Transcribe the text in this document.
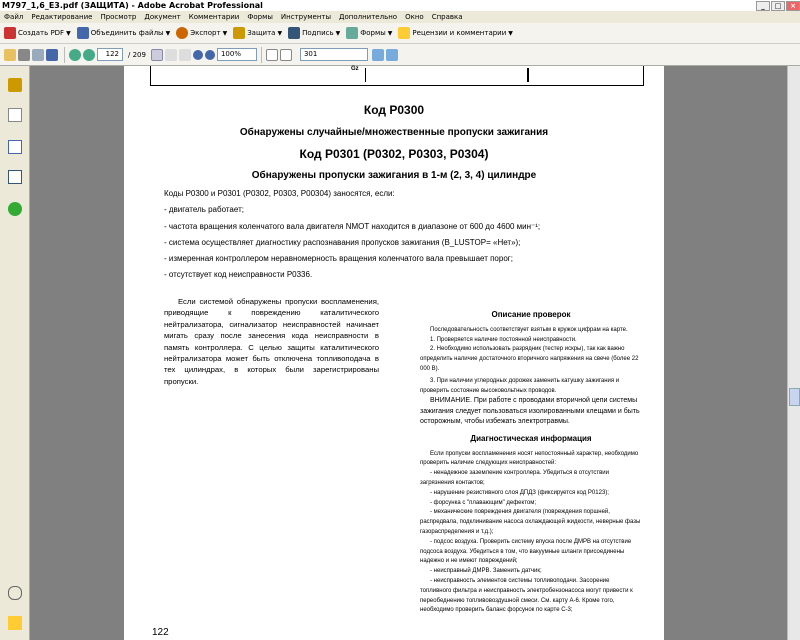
M797_1,6_E3.pdf (ЗАЩИТА) - Adobe Acrobat Professional	_	□	×
Файл	Редактирование	Просмотр	Документ	Комментарии	Формы	Инструменты	Дополнительно	Окно	Справка
Создать PDF ▼	Объединить файлы ▼	Экспорт ▼	Защита ▼	Подпись ▼	Формы ▼	Рецензии и комментарии ▼
122	/ 209	100%	301
Gz
Код P0300
Обнаружены случайные/множественные пропуски зажигания
Код P0301 (P0302, P0303, P0304)
Обнаружены пропуски зажигания в 1-м (2, 3, 4) цилиндре
Коды P0300 и P0301 (P0302, P0303, P00304) заносятся, если:
- двигатель работает;
- частота вращения коленчатого вала двигателя NMOT находится в диапазоне от 600 до 4600 мин⁻¹;
- система осуществляет диагностику распознавания пропусков зажигания (B_LUSTOP= «Нет»);
- измеренная контроллером неравномерность вращения коленчатого вала превышает порог;
- отсутствует код неисправности P0336.
Если системой обнаружены пропуски воспламенения, приводящие к повреждению каталитического нейтрализатора, сигнализатор неисправностей начинает мигать сразу после занесения кода неисправности в память контроллера. С целью защиты каталитического нейтрализатора может быть отключена топливоподача в тех цилиндрах, в которых были зарегистрированы пропуски.
Описание проверок
Последовательность соответствует взятым в кружок цифрам на карте.
1. Проверяется наличие постоянной неисправности.
2. Необходимо использовать разрядник (тестер искры), так как важно определить наличие достаточного вторичного напряжения на свече (более 22 000 В).
3. При наличии углеродных дорожек заменить катушку зажигания и проверить состояние высоковольтных проводов.
ВНИМАНИЕ. При работе с проводами вторичной цепи системы зажигания следует пользоваться изолированными клещами и быть осторожным, чтобы избежать электротравмы.
Диагностическая информация
Если пропуски воспламенения носят непостоянный характер, необходимо проверить наличие следующих неисправностей:
- ненадежное заземление контроллера. Убедиться в отсутствии загрязнения контактов;
- нарушение резистивного слоя ДПДЗ (фиксируется код P0123);
- форсунка с "плавающим" дефектом;
- механические повреждения двигателя (повреждения поршней, распредвала, подклинивание насоса охлаждающей жидкости, неверные фазы газораспределения и т.д.);
- подсос воздуха. Проверить систему впуска после ДМРВ на отсутствие подсоса воздуха. Убедиться в том, что вакуумные шланги присоединены надежно и не имеют повреждений;
- неисправный ДМРВ. Заменить датчик;
- неисправность элементов системы топливоподачи. Засорение топливного фильтра и неисправность электробензонасоса могут привести к переобеднению топливовоздушной смеси. См. карту А-6. Кроме того, необходимо проверить баланс форсунок по карте С-3;
122
